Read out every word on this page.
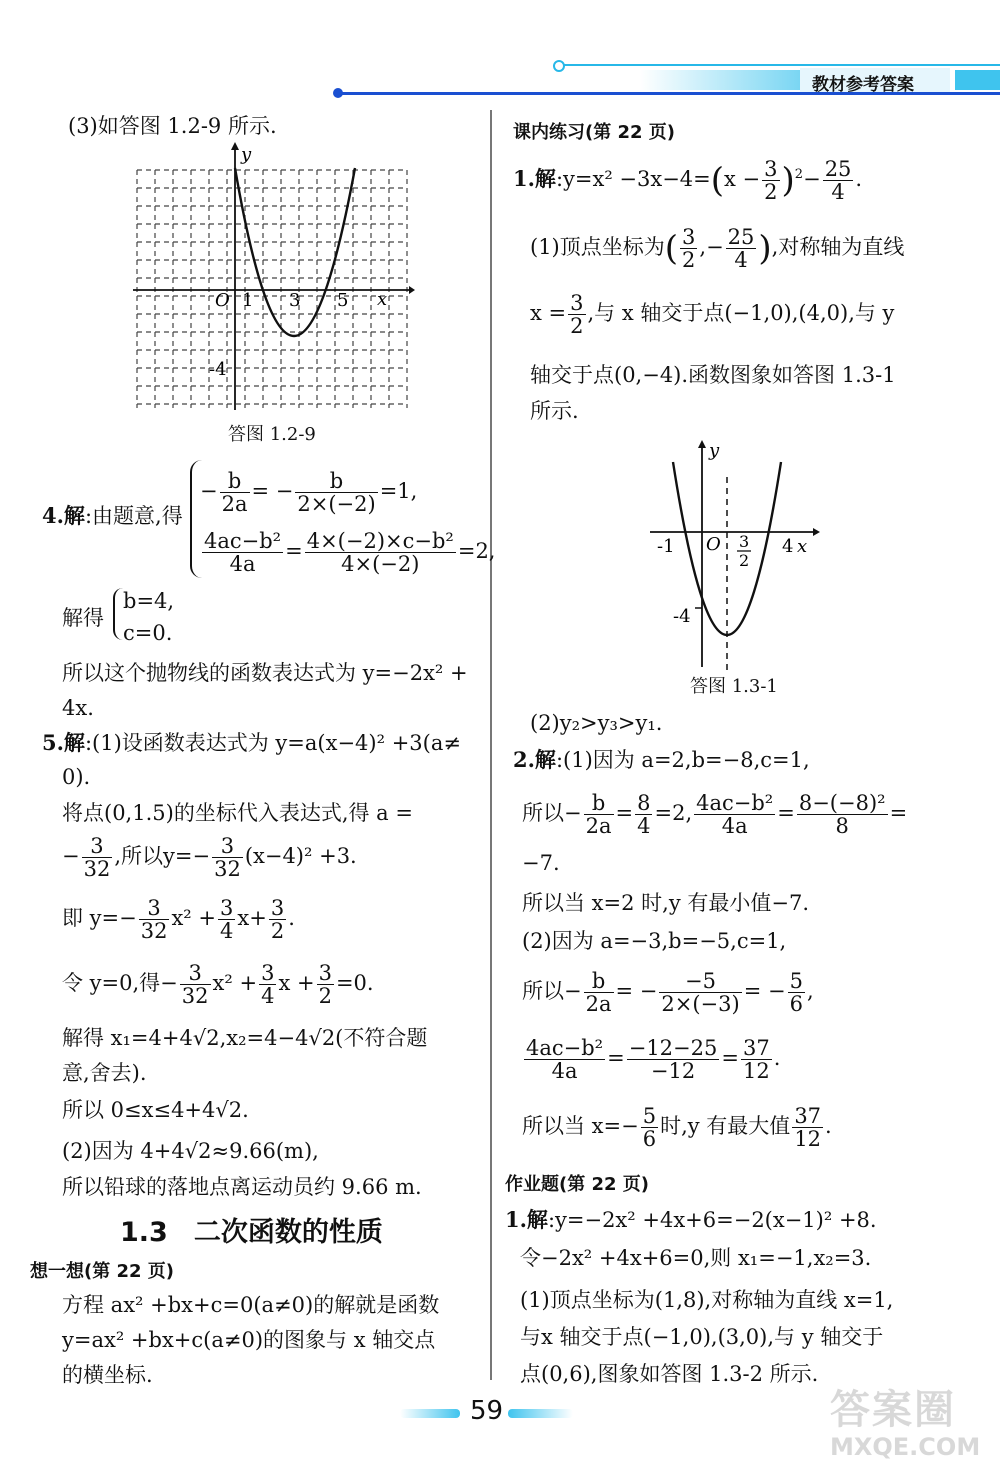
教材参考答案
(3)如答图 1.2-9 所示.
y
x
O 1 3 5
-4
答图 1.2-9
4.解:由题意,得
− $\frac{b}{2a}$ = − $\frac{b}{2\times(-2)} =1$,
$\frac{\text{4ac−b²}}{4a} = \frac{\text{4×(−2)×c−b²}}{4\times(-2)} =2$,
解得
b=4,
c=0.
所以这个抛物线的函数表达式为 y=−2x² +
4x.
5.解:(1)设函数表达式为 y=a(x−4)² +3(a≠
0).
将点(0,1.5)的坐标代入表达式,得 a =
− $\frac{3}{32}$ ,所以$y=- \frac{3}{32} (x-4)^2 +3$.
即 $y=- \frac{3}{32} x^2 + \frac{3}{4} x+ \frac{3}{2}$ .
令 y=0,得− $\frac{3}{32} x^2 + \frac{3}{4}$ $x + \frac{3}{2} =0$.
解得 x₁=4+4√2,x₂=4−4√2(不符合题
意,舍去).
所以 0≤x≤4+4√2.
(2)因为 4+4√2≈9.66(m),
所以铅球的落地点离运动员约 9.66 m.
1.3 二次函数的性质
想一想(第 22 页)
方程 ax² +bx+c=0(a≠0)的解就是函数
y=ax² +bx+c(a≠0)的图象与 x 轴交点
的横坐标.
课内练习(第 22 页)
1.解:y=x² $-3x-4=(x - \frac{3}{2} )^2- \frac{25}{4}$ .
(1)顶点坐标为( $\frac{3}{2}$ ,− $\frac{25}{4}$ ),对称轴为直线
$x = \frac{3}{2}$ ,与 x 轴交于点(−1,0),(4,0),与 y
轴交于点(0,−4).函数图象如答图 1.3-1
所示.
y
x
O
-1	4
-4
3
2
答图 1.3-1
(2)y₂>y₃>y₁.
2.解:(1)因为 a=2,b=−8,c=1,
所以− $\frac{b}{2a} = \frac{8}{4} =2$, $\frac{\text{4ac−b²}}{4a} = \frac{\text{8−(−8)²}}{8}$ =
−7.
所以当 x=2 时,y 有最小值−7.
(2)因为 a=−3,b=−5,c=1,
所以− $\frac{b}{2a}$ = − $\frac{-5}{2\times(-3)}$ = − $\frac{5}{6}$ ,
$\frac{\text{4ac−b²}}{4a} = \frac{-12-25}{-12} = \frac{37}{12}$ .
所以当 $x=- \frac{5}{6}$ 时,y 有最大值 $\frac{37}{12}$ .
作业题(第 22 页)
1.解:y=−2x² +4x+6=−2(x−1)² +8.
令−2x² +4x+6=0,则 x₁=−1,x₂=3.
(1)顶点坐标为(1,8),对称轴为直线 x=1,
与x 轴交于点(−1,0),(3,0),与 y 轴交于
点(0,6),图象如答图 1.3-2 所示.
59	答案圈
MXQE.COM
